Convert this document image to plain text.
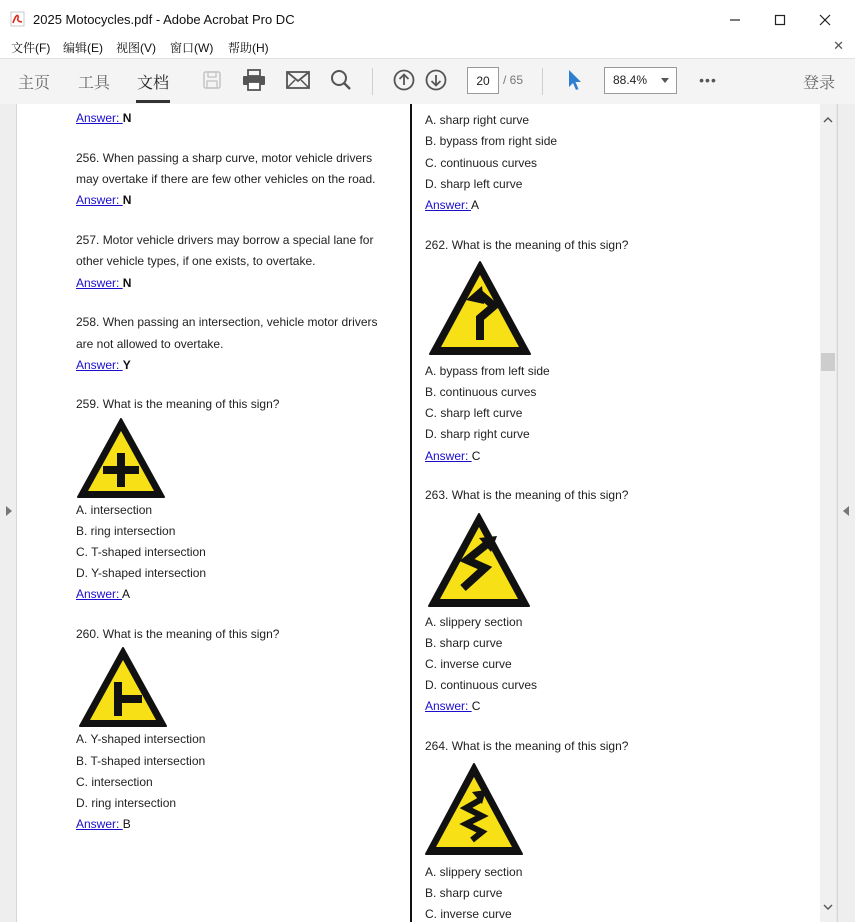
2025 Motocycles.pdf - Adobe Acrobat Pro DC
文件(F) 编辑(E) 视图(V) 窗口(W) 帮助(H)	✕
主页 工具 文档	20	/ 65	88.4%	•••	登录
Answer: N
256. When passing a sharp curve, motor vehicle drivers
may overtake if there are few other vehicles on the road.
Answer: N
257. Motor vehicle drivers may borrow a special lane for
other vehicle types, if one exists, to overtake.
Answer: N
258. When passing an intersection, vehicle motor drivers
are not allowed to overtake.
Answer: Y
259. What is the meaning of this sign?
A. intersection
B. ring intersection
C. T-shaped intersection
D. Y-shaped intersection
Answer: A
260. What is the meaning of this sign?
A. Y-shaped intersection
B. T-shaped intersection
C. intersection
D. ring intersection
Answer: B
A. sharp right curve
B. bypass from right side
C. continuous curves
D. sharp left curve
Answer: A
262. What is the meaning of this sign?
A. bypass from left side
B. continuous curves
C. sharp left curve
D. sharp right curve
Answer: C
263. What is the meaning of this sign?
A. slippery section
B. sharp curve
C. inverse curve
D. continuous curves
Answer: C
264. What is the meaning of this sign?
A. slippery section
B. sharp curve
C. inverse curve
